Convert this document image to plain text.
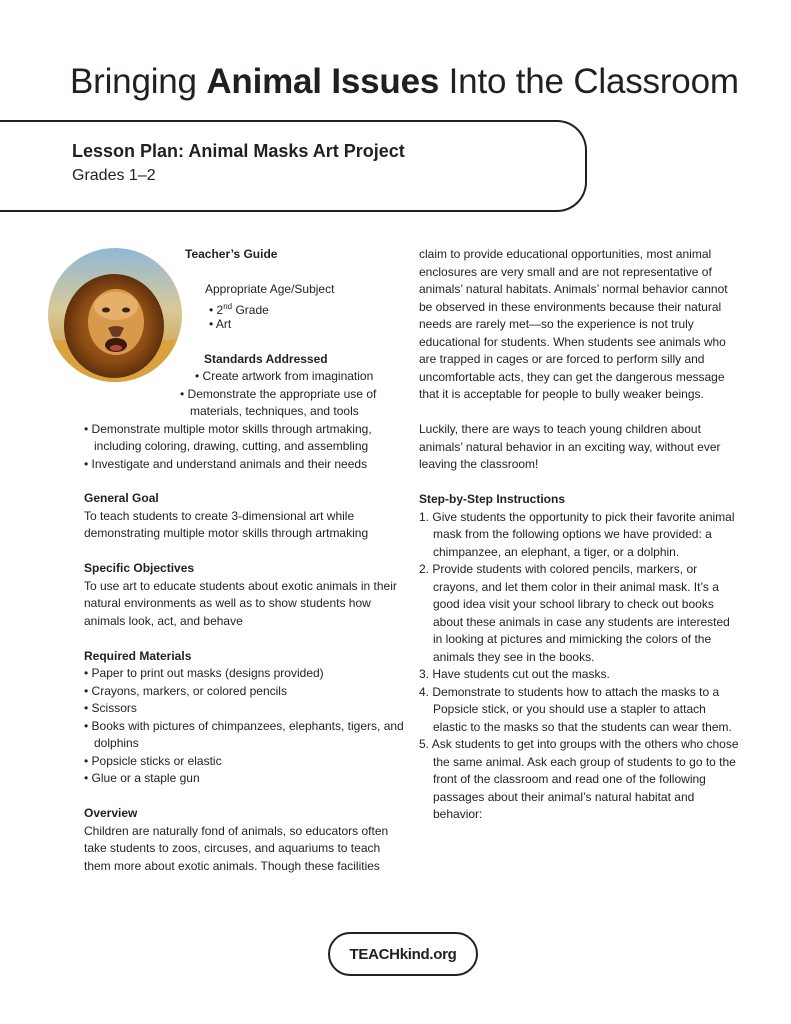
Bringing Animal Issues Into the Classroom
Lesson Plan: Animal Masks Art Project
Grades 1–2
Teacher’s Guide
Appropriate Age/Subject
• 2nd Grade
• Art
Standards Addressed
• Create artwork from imagination
• Demonstrate the appropriate use of
materials, techniques, and tools
• Demonstrate multiple motor skills through artmaking,
including coloring, drawing, cutting, and assembling
• Investigate and understand animals and their needs
General Goal
To teach students to create 3-dimensional art while demonstrating multiple motor skills through artmaking
Specific Objectives
To use art to educate students about exotic animals in their natural environments as well as to show students how animals look, act, and behave
Required Materials
• Paper to print out masks (designs provided)
• Crayons, markers, or colored pencils
• Scissors
• Books with pictures of chimpanzees, elephants, tigers, and dolphins
• Popsicle sticks or elastic
• Glue or a staple gun
Overview
Children are naturally fond of animals, so educators often take students to zoos, circuses, and aquariums to teach them more about exotic animals. Though these facilities
claim to provide educational opportunities, most animal enclosures are very small and are not representative of animals’ natural habitats. Animals’ normal behavior cannot be observed in these environments because their natural needs are rarely met—so the experience is not truly educational for students. When students see animals who are trapped in cages or are forced to perform silly and uncomfortable acts, they can get the dangerous message that it is acceptable for people to bully weaker beings.
Luckily, there are ways to teach young children about animals’ natural behavior in an exciting way, without ever leaving the classroom!
Step-by-Step Instructions
1. Give students the opportunity to pick their favorite animal mask from the following options we have provided: a chimpanzee, an elephant, a tiger, or a dolphin.
2. Provide students with colored pencils, markers, or crayons, and let them color in their animal mask. It’s a good idea visit your school library to check out books about these animals in case any students are interested in looking at pictures and mimicking the colors of the animals they see in the books.
3. Have students cut out the masks.
4. Demonstrate to students how to attach the masks to a Popsicle stick, or you should use a stapler to attach elastic to the masks so that the students can wear them.
5. Ask students to get into groups with the others who chose the same animal. Ask each group of students to go to the front of the classroom and read one of the following passages about their animal’s natural habitat and behavior:
TEACH kind.org
